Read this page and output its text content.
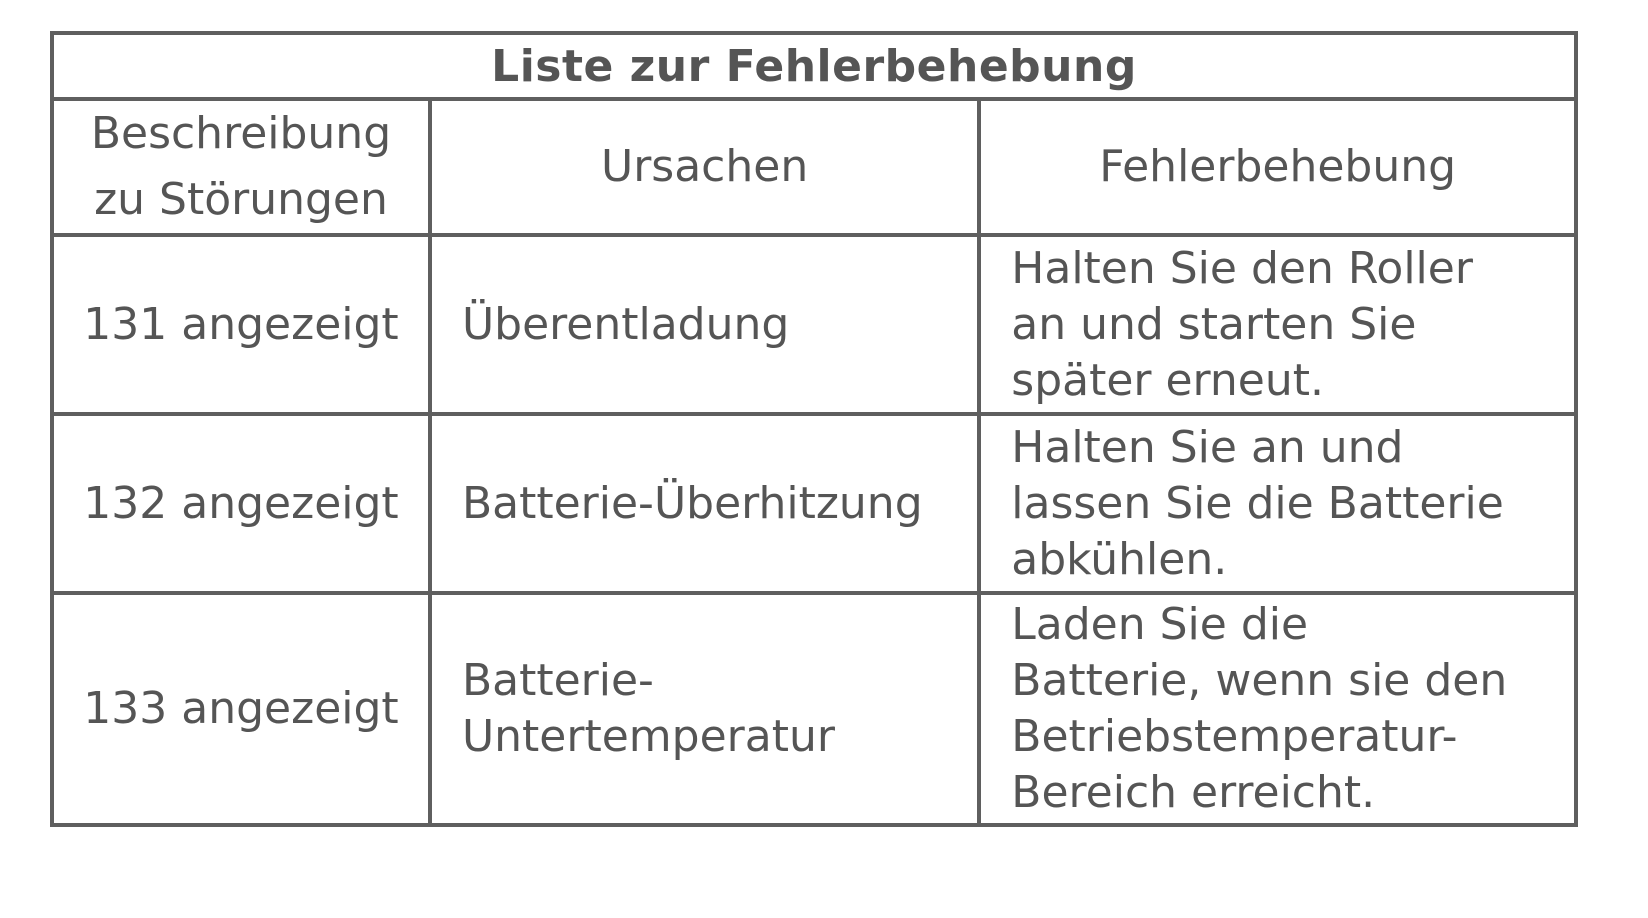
Liste zur Fehlerbehebung		

Beschreibung
zu Störungen	Ursachen	Fehlerbehebung
131 angezeigt	Überentladung	Halten Sie den Roller
an und starten Sie
später erneut.

132 angezeigt	Batterie-Überhitzung	Halten Sie an und
lassen Sie die Batterie
abkühlen.

133 angezeigt	Batterie-
Untertemperatur	Laden Sie die
Batterie, wenn sie den
Betriebstemperatur-
Bereich erreicht.
